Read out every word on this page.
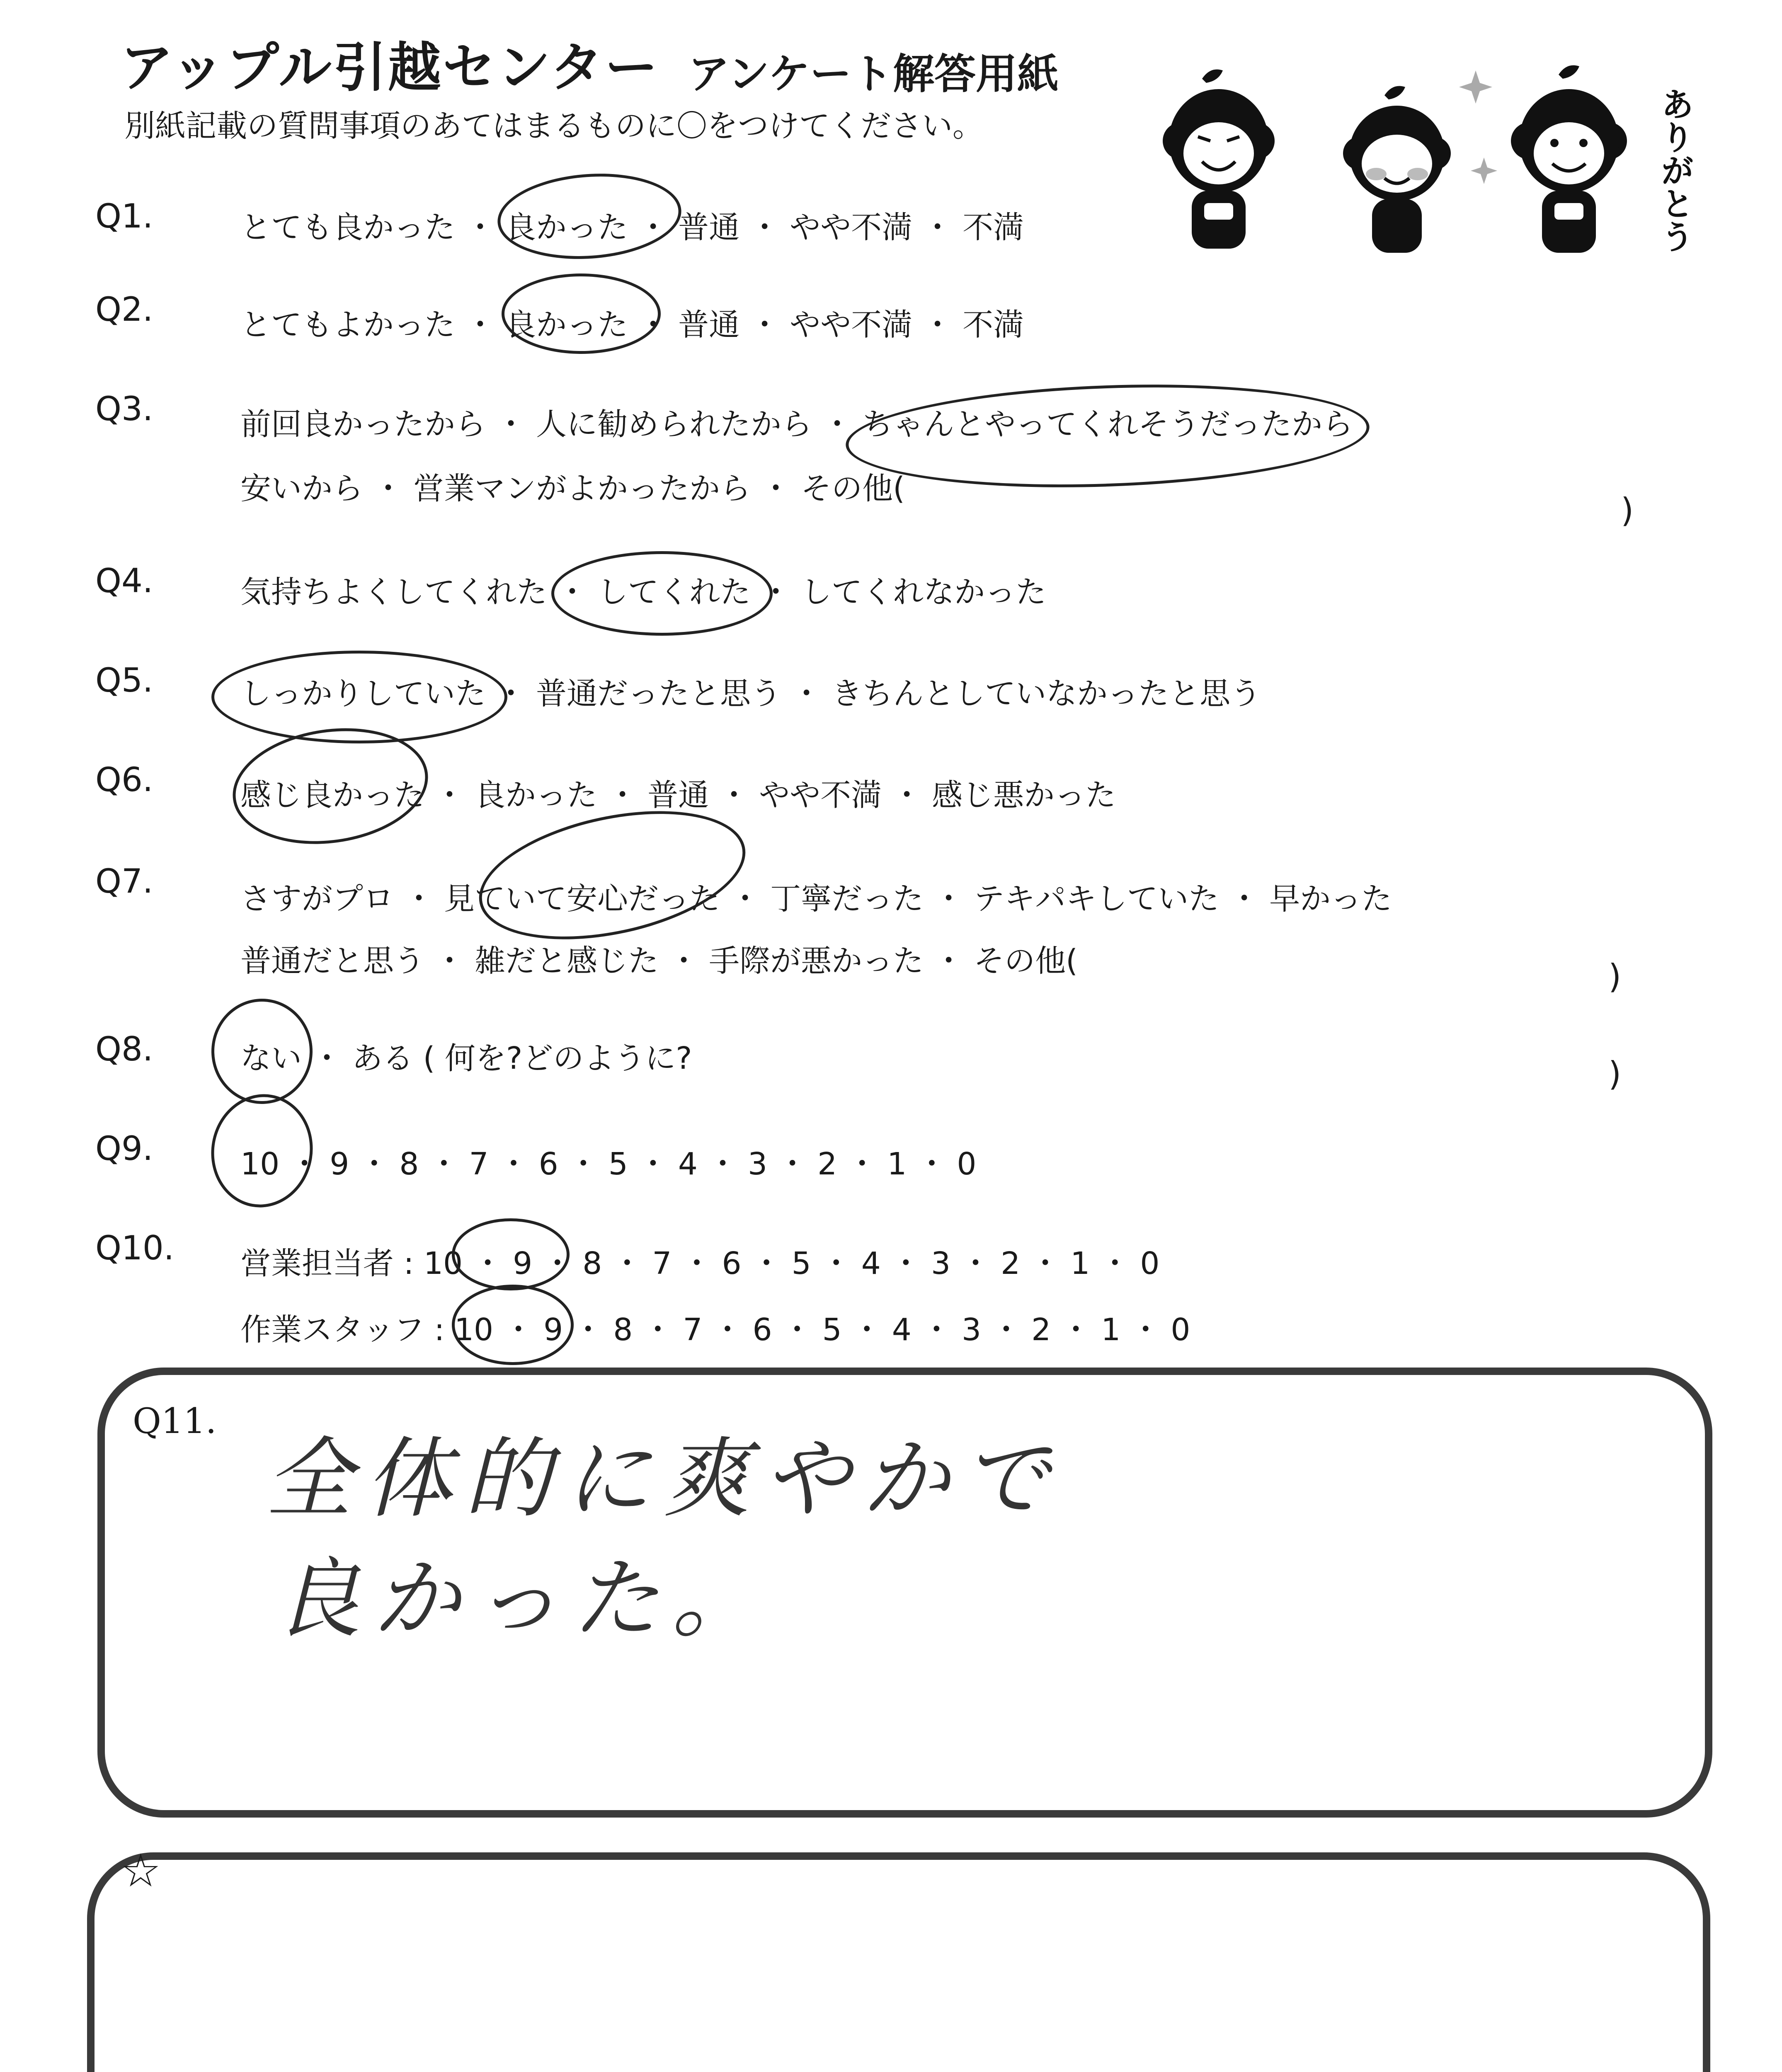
アップル引越センター アンケート解答用紙
別紙記載の質問事項のあてはまるものに〇をつけてください。	ありがとう
Q1.	とても良かった ・ 良かった ・ 普通 ・ やや不満 ・ 不満
Q2.	とてもよかった ・ 良かった ・ 普通 ・ やや不満 ・ 不満
Q3.	前回良かったから ・ 人に勧められたから ・ ちゃんとやってくれそうだったから
安いから ・ 営業マンがよかったから ・ その他(
)
Q4.	気持ちよくしてくれた ・ してくれた ・ してくれなかった
Q5.	しっかりしていた ・ 普通だったと思う ・ きちんとしていなかったと思う
Q6.	感じ良かった ・ 良かった ・ 普通 ・ やや不満 ・ 感じ悪かった
Q7.	さすがプロ ・ 見ていて安心だった ・ 丁寧だった ・ テキパキしていた ・ 早かった
普通だと思う ・ 雑だと感じた ・ 手際が悪かった ・ その他(	)
Q8.	ない ・ ある ( 何を?どのように?	)
Q9.	10 ・ 9 ・ 8 ・ 7 ・ 6 ・ 5 ・ 4 ・ 3 ・ 2 ・ 1 ・ 0
Q10. 営業担当者 : 10 ・ 9 ・ 8 ・ 7 ・ 6 ・ 5 ・ 4 ・ 3 ・ 2 ・ 1 ・ 0
作業スタッフ : 10 ・ 9 ・ 8 ・ 7 ・ 6 ・ 5 ・ 4 ・ 3 ・ 2 ・ 1 ・ 0
Q11.
全体的に爽やかで
良かった。
☆
